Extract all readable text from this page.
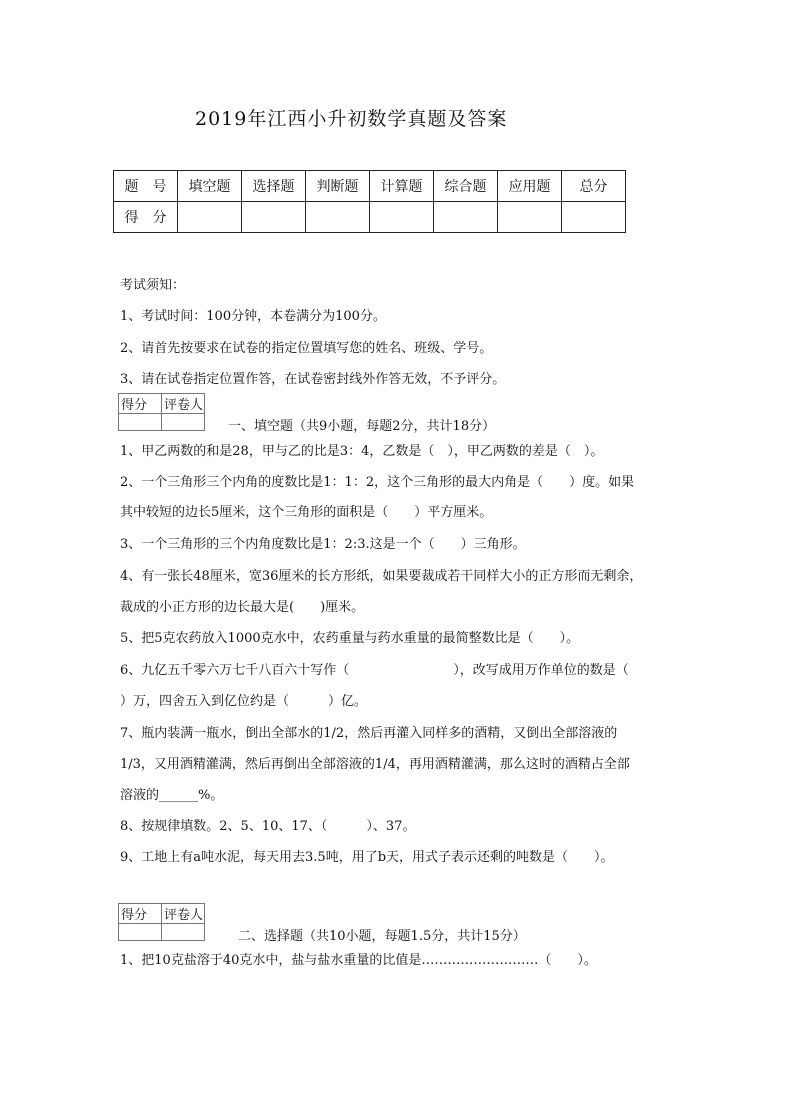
2019年江西小升初数学真题及答案
题　号	填空题	选择题	判断题	计算题	综合题	应用题	总分
得　分							
考试须知：
1、考试时间：100分钟，本卷满分为100分。
2、请首先按要求在试卷的指定位置填写您的姓名、班级、学号。
3、请在试卷指定位置作答，在试卷密封线外作答无效，不予评分。
得分	评卷人

一、填空题（共9小题，每题2分，共计18分）
1、甲乙两数的和是28，甲与乙的比是3：4，乙数是（　），甲乙两数的差是（　）。
2、一个三角形三个内角的度数比是1：1：2，这个三角形的最大内角是（　　）度。如果
其中较短的边长5厘米，这个三角形的面积是（　　）平方厘米。
3、一个三角形的三个内角度数比是1：2:3.这是一个（　　）三角形。
4、有一张长48厘米，宽36厘米的长方形纸，如果要裁成若干同样大小的正方形而无剩余，
裁成的小正方形的边长最大是(　　)厘米。
5、把5克农药放入1000克水中，农药重量与药水重量的最简整数比是（　　）。
6、九亿五千零六万七千八百六十写作（　　　　　　　　），改写成用万作单位的数是（
）万，四舍五入到亿位约是（　　　）亿。
7、瓶内装满一瓶水，倒出全部水的1/2，然后再灌入同样多的酒精，又倒出全部溶液的
1/3，又用酒精灌满，然后再倒出全部溶液的1/4，再用酒精灌满，那么这时的酒精占全部
溶液的______%。
8、按规律填数。2、5、10、17、（　　　）、37。
9、工地上有a吨水泥，每天用去3.5吨，用了b天，用式子表示还剩的吨数是（　　）。
得分	评卷人

二、选择题（共10小题，每题1.5分，共计15分）
1、把10克盐溶于40克水中，盐与盐水重量的比值是………………………（　　）。
